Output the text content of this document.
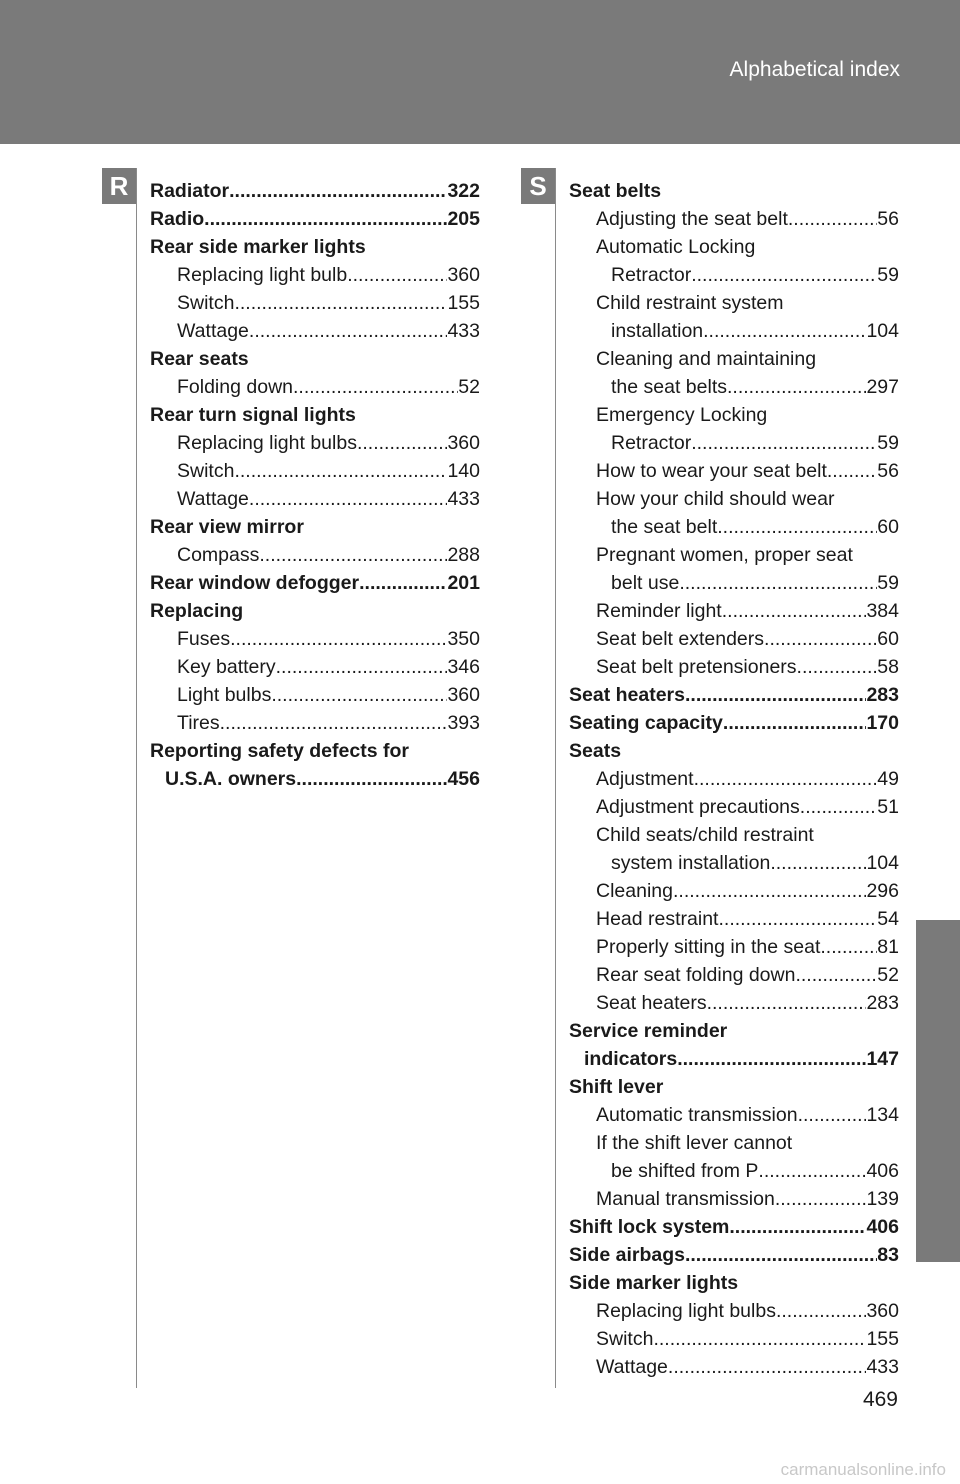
Alphabetical index
R	S
Radiator .....	322
Radio .....	205
Rear side marker lights
Replacing light bulb .....	360
Switch .....	155
Wattage .....	433
Rear seats
Folding down .....	52
Rear turn signal lights
Replacing light bulbs .....	360
Switch .....	140
Wattage .....	433
Rear view mirror
Compass .....	288
Rear window defogger .....	201
Replacing
Fuses .....	350
Key battery .....	346
Light bulbs .....	360
Tires .....	393
Reporting safety defects for
U.S.A. owners .....	456
Seat belts
Adjusting the seat belt .....	56
Automatic Locking
Retractor .....	59
Child restraint system
installation .....	104
Cleaning and maintaining
the seat belts .....	297
Emergency Locking
Retractor .....	59
How to wear your seat belt .....	56
How your child should wear
the seat belt .....	60
Pregnant women, proper seat
belt use .....	59
Reminder light .....	384
Seat belt extenders .....	60
Seat belt pretensioners .....	58
Seat heaters .....	283
Seating capacity .....	170
Seats
Adjustment .....	49
Adjustment precautions .....	51
Child seats/child restraint
system installation .....	104
Cleaning .....	296
Head restraint .....	54
Properly sitting in the seat .....	81
Rear seat folding down .....	52
Seat heaters .....	283
Service reminder
indicators .....	147
Shift lever
Automatic transmission .....	134
If the shift lever cannot
be shifted from P .....	406
Manual transmission .....	139
Shift lock system .....	406
Side airbags .....	83
Side marker lights
Replacing light bulbs .....	360
Switch .....	155
Wattage .....	433
469
carmanualsonline.info
